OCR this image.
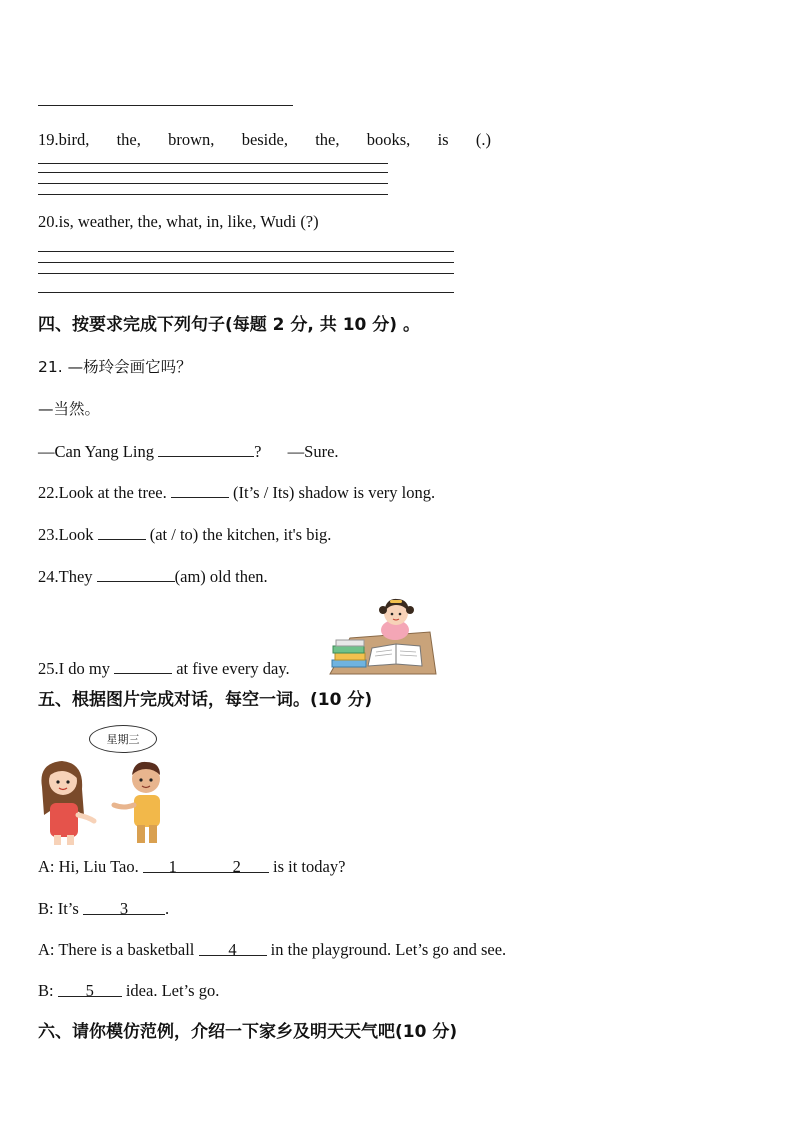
19.bird, the, brown, beside, the, books, is (.)
20.is, weather, the, what, in, like, Wudi (?)
四、按要求完成下列句子(每题 2 分, 共 10 分) 。
21. —杨玲会画它吗？
—当然。
—Can Yang Ling	? —Sure.
22.Look at the tree.	(It’s / Its) shadow is very long.
23.Look	(at / to) the kitchen, it's big.
24.They	(am) old then.
25.I do my	at five every day.
五、根据图片完成对话，每空一词。(10 分)
星期三
A: Hi, Liu Tao. 1	2 is it today?
B: It’s 3 .
A: There is a basketball 4 in the playground. Let’s go and see.
B: 5 idea. Let’s go.
六、请你模仿范例，介绍一下家乡及明天天气吧(10 分)
